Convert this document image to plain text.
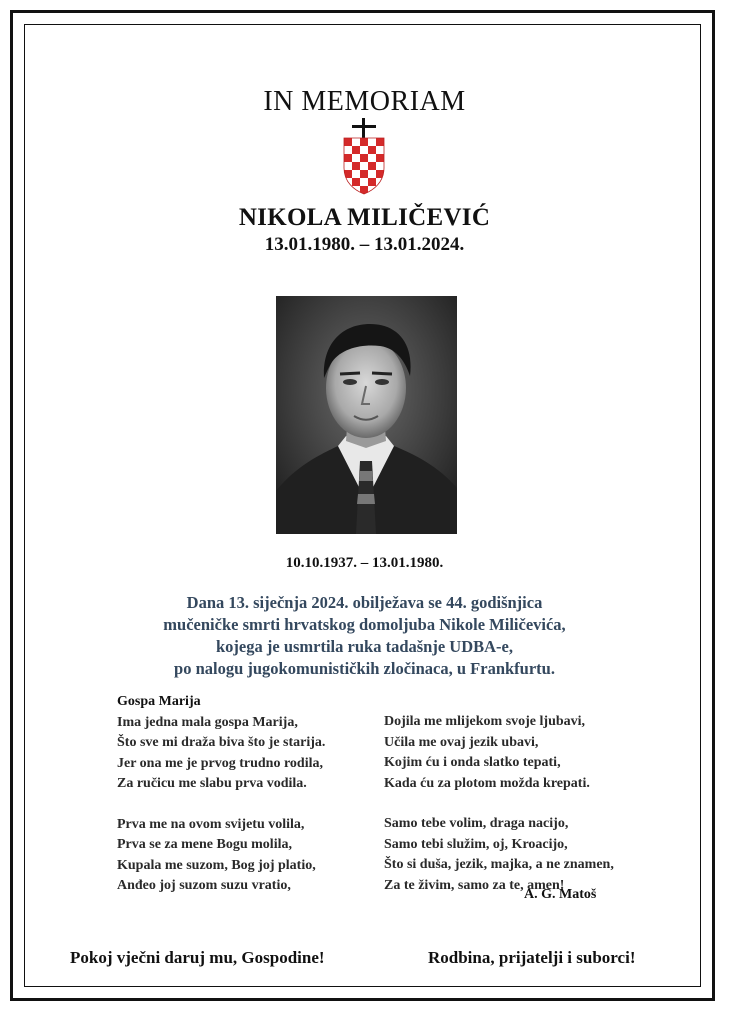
IN MEMORIAM
NIKOLA MILIČEVIĆ
13.01.1980. – 13.01.2024.
10.10.1937. – 13.01.1980.
Dana 13. siječnja 2024. obilježava se 44. godišnjica
mučeničke smrti hrvatskog domoljuba Nikole Miličevića,
kojega je usmrtila ruka tadašnje UDBA-e,
po nalogu jugokomunističkih zločinaca, u Frankfurtu.
Gospa Marija
Ima jedna mala gospa Marija,
Što sve mi draža biva što je starija.
Jer ona me je prvog trudno rodila,
Za ručicu me slabu prva vodila.
Prva me na ovom svijetu volila,
Prva se za mene Bogu molila,
Kupala me suzom, Bog joj platio,
Anđeo joj suzom suzu vratio,
Dojila me mlijekom svoje ljubavi,
Učila me ovaj jezik ubavi,
Kojim ću i onda slatko tepati,
Kada ću za plotom možda krepati.
Samo tebe volim, draga nacijo,
Samo tebi služim, oj, Kroacijo,
Što si duša, jezik, majka, a ne znamen,
Za te živim, samo za te, amen!
A. G. Matoš
Pokoj vječni daruj mu, Gospodine!	Rodbina, prijatelji i suborci!
